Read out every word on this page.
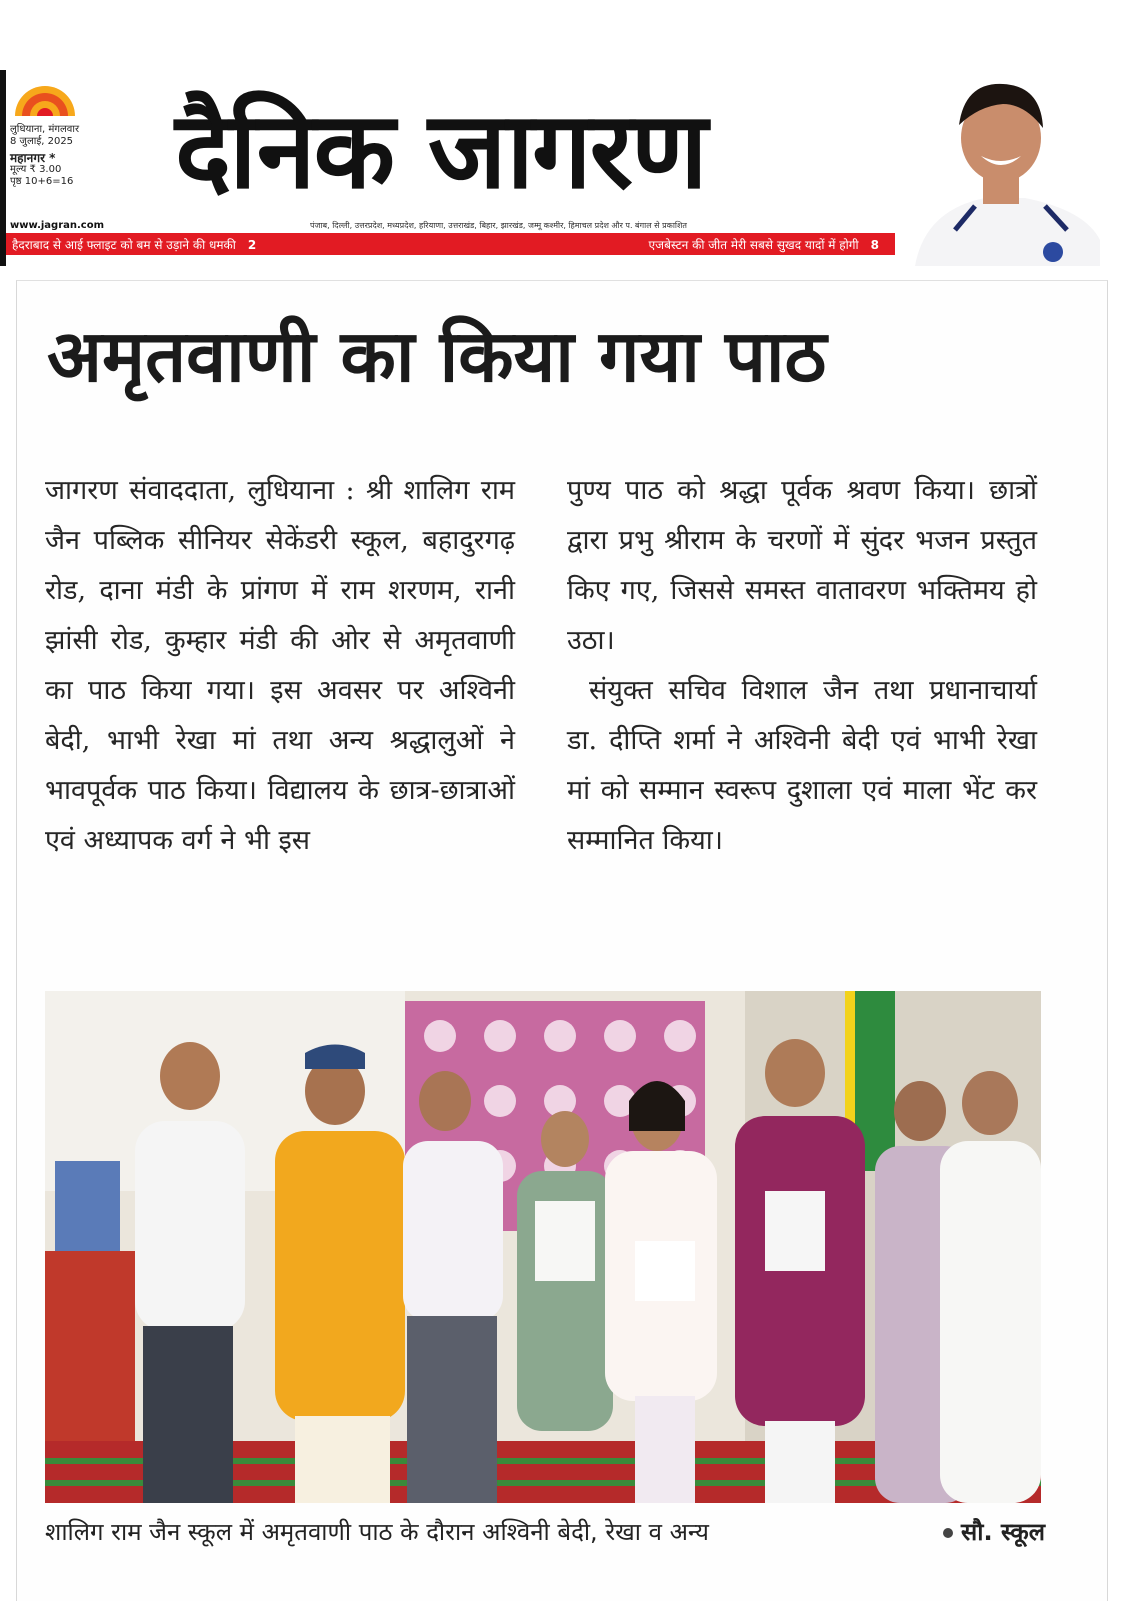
लुधियाना, मंगलवार
8 जुलाई, 2025
महानगर *
मूल्य ₹ 3.00
पृष्ठ 10+6=16
www.jagran.com
दैनिक जागरण
पंजाब, दिल्ली, उत्तरप्रदेश, मध्यप्रदेश, हरियाणा, उत्तराखंड, बिहार, झारखंड, जम्मू कश्मीर, हिमाचल प्रदेश और प. बंगाल से प्रकाशित
हैदराबाद से आई फ्लाइट को बम से उड़ाने की धमकी 2	एजबेस्टन की जीत मेरी सबसे सुखद यादों में होगी 8
अमृतवाणी का किया गया पाठ

जागरण संवाददाता, लुधियाना : श्री शालिग राम जैन पब्लिक सीनियर सेकेंडरी स्कूल, बहादुरगढ़ रोड, दाना मंडी के प्रांगण में राम शरणम, रानी झांसी रोड, कुम्हार मंडी की ओर से अमृतवाणी का पाठ किया गया। इस अवसर पर अश्विनी बेदी, भाभी रेखा मां तथा अन्य श्रद्धालुओं ने भावपूर्वक पाठ किया। विद्यालय के छात्र-छात्राओं एवं अध्यापक वर्ग ने भी इस

पुण्य पाठ को श्रद्धा पूर्वक श्रवण किया। छात्रों द्वारा प्रभु श्रीराम के चरणों में सुंदर भजन प्रस्तुत किए गए, जिससे समस्त वातावरण भक्तिमय हो उठा।

संयुक्त सचिव विशाल जैन तथा प्रधानाचार्या डा. दीप्ति शर्मा ने अश्विनी बेदी एवं भाभी रेखा मां को सम्मान स्वरूप दुशाला एवं माला भेंट कर सम्मानित किया।

शालिग राम जैन स्कूल में अमृतवाणी पाठ के दौरान अश्विनी बेदी, रेखा व अन्य	सौ. स्कूल
